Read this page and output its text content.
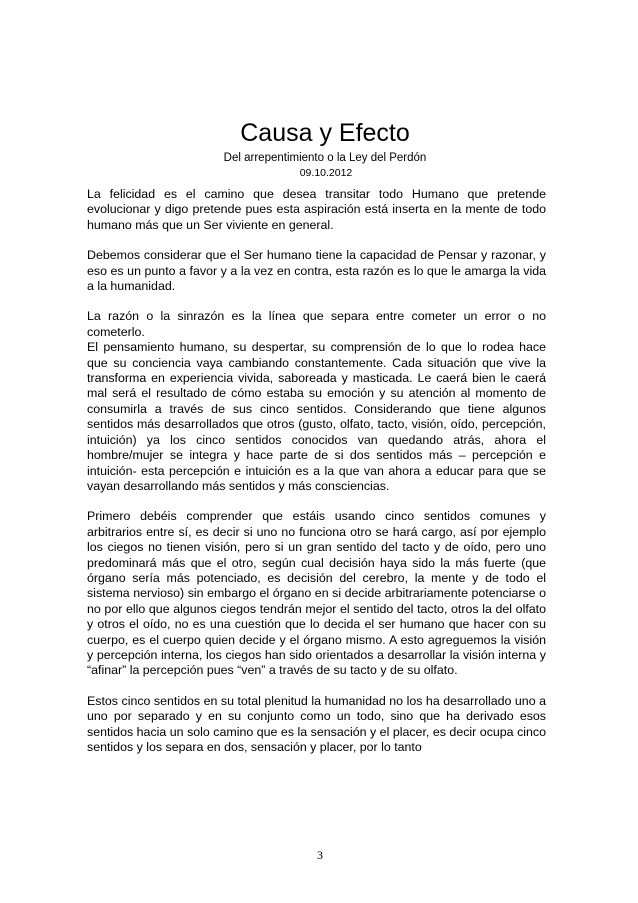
Causa y Efecto
Del arrepentimiento o la Ley del Perdón
09.10.2012

La felicidad es el camino que desea transitar todo Humano que pretende evolucionar y digo pretende pues esta aspiración está inserta en la mente de todo humano más que un Ser viviente en general.

Debemos considerar que el Ser humano tiene la capacidad de Pensar y razonar, y eso es un punto a favor y a la vez en contra, esta razón es lo que le amarga la vida a la humanidad.

La razón o la sinrazón es la línea que separa entre cometer un error o no cometerlo.

El pensamiento humano, su despertar, su comprensión de lo que lo rodea hace que su conciencia vaya cambiando constantemente. Cada situación que vive la transforma en experiencia vivida, saboreada y masticada. Le caerá bien le caerá mal será el resultado de cómo estaba su emoción y su atención al momento de consumirla a través de sus cinco sentidos. Considerando que tiene algunos sentidos más desarrollados que otros (gusto, olfato, tacto, visión, oído, percepción, intuición) ya los cinco sentidos conocidos van quedando atrás, ahora el hombre/mujer se integra y hace parte de si dos sentidos más – percepción e intuición- esta percepción e intuición es a la que van ahora a educar para que se vayan desarrollando más sentidos y más consciencias.

Primero debéis comprender que estáis usando cinco sentidos comunes y arbitrarios entre sí, es decir si uno no funciona otro se hará cargo, así por ejemplo los ciegos no tienen visión, pero si un gran sentido del tacto y de oído, pero uno predominará más que el otro, según cual decisión haya sido la más fuerte (que órgano sería más potenciado, es decisión del cerebro, la mente y de todo el sistema nervioso) sin embargo el órgano en si decide arbitrariamente potenciarse o no por ello que algunos ciegos tendrán mejor el sentido del tacto, otros la del olfato y otros el oído, no es una cuestión que lo decida el ser humano que hacer con su cuerpo, es el cuerpo quien decide y el órgano mismo. A esto agreguemos la visión y percepción interna, los ciegos han sido orientados a desarrollar la visión interna y “afinar” la percepción pues “ven” a través de su tacto y de su olfato.

Estos cinco sentidos en su total plenitud la humanidad no los ha desarrollado uno a uno por separado y en su conjunto como un todo, sino que ha derivado esos sentidos hacia un solo camino que es la sensación y el placer, es decir ocupa cinco sentidos y los separa en dos, sensación y placer, por lo tanto

3
